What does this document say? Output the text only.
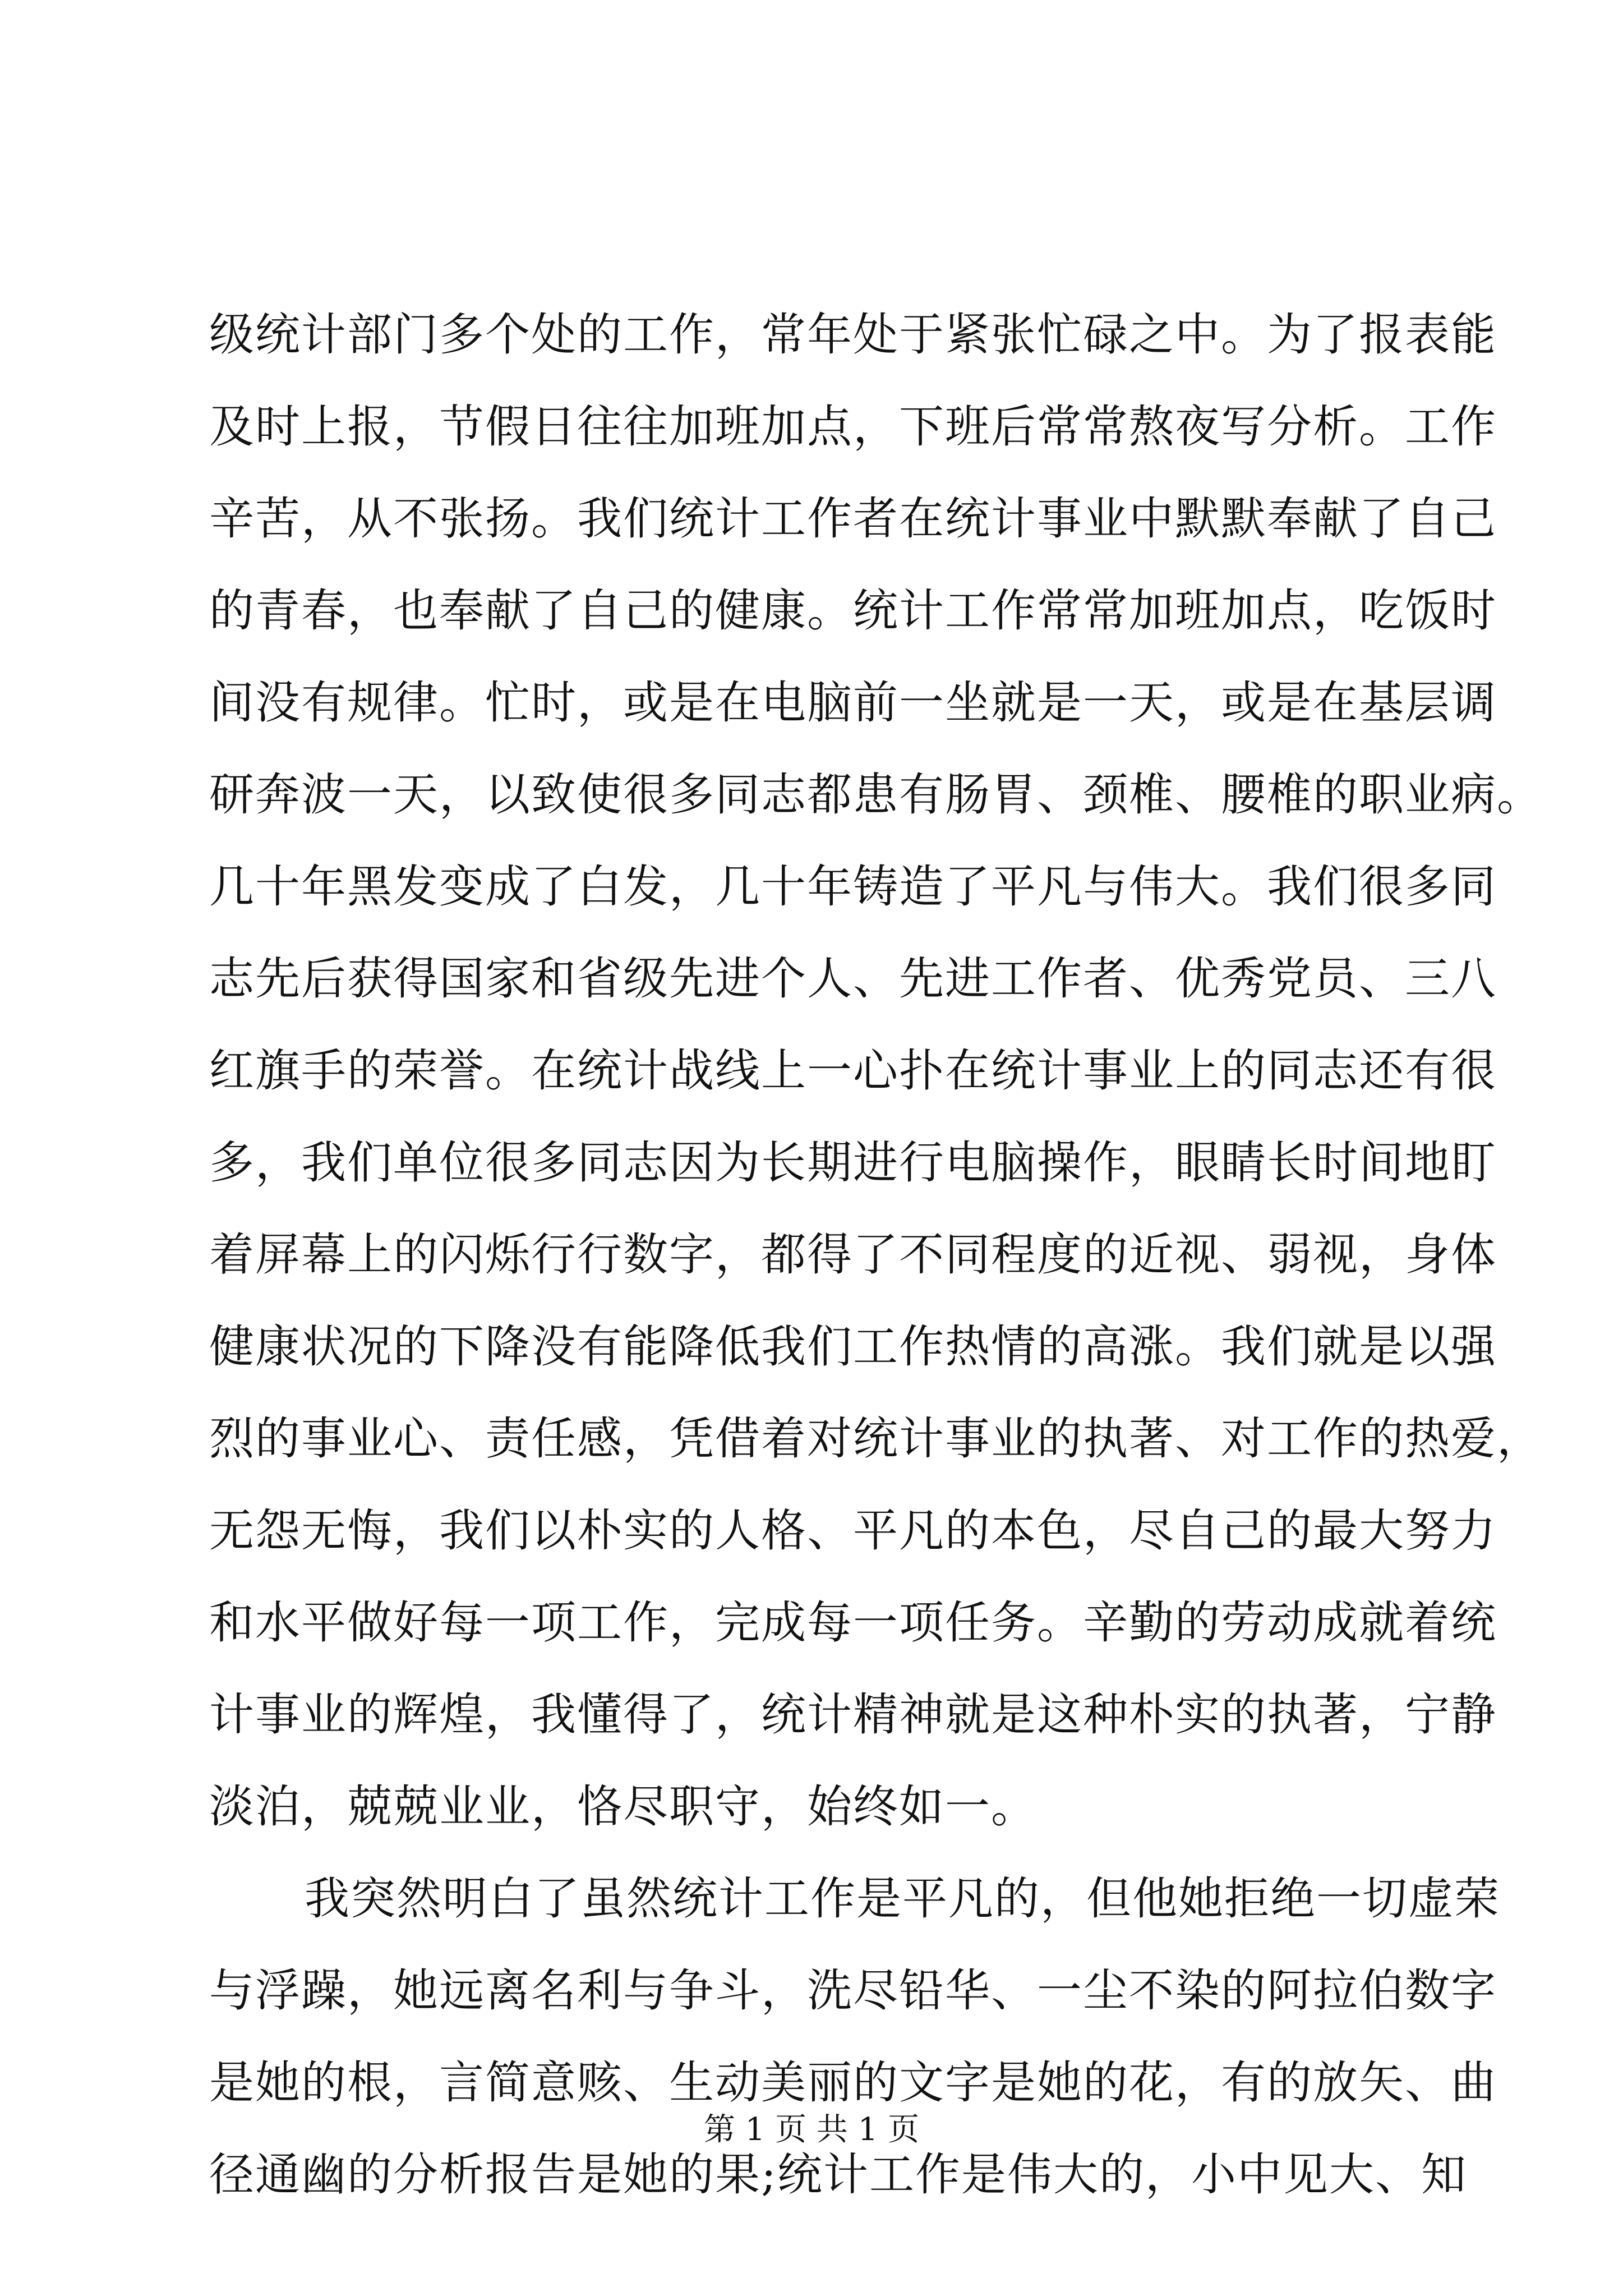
级统计部门多个处的工作，常年处于紧张忙碌之中。为了报表能
及时上报，节假日往往加班加点，下班后常常熬夜写分析。工作
辛苦，从不张扬。我们统计工作者在统计事业中默默奉献了自己
的青春，也奉献了自己的健康。统计工作常常加班加点，吃饭时
间没有规律。忙时，或是在电脑前一坐就是一天，或是在基层调
研奔波一天，以致使很多同志都患有肠胃、颈椎、腰椎的职业病。
几十年黑发变成了白发，几十年铸造了平凡与伟大。我们很多同
志先后获得国家和省级先进个人、先进工作者、优秀党员、三八
红旗手的荣誉。在统计战线上一心扑在统计事业上的同志还有很
多，我们单位很多同志因为长期进行电脑操作，眼睛长时间地盯
着屏幕上的闪烁行行数字，都得了不同程度的近视、弱视，身体
健康状况的下降没有能降低我们工作热情的高涨。我们就是以强
烈的事业心、责任感，凭借着对统计事业的执著、对工作的热爱，
无怨无悔，我们以朴实的人格、平凡的本色，尽自己的最大努力
和水平做好每一项工作，完成每一项任务。辛勤的劳动成就着统
计事业的辉煌，我懂得了，统计精神就是这种朴实的执著，宁静
淡泊，兢兢业业，恪尽职守，始终如一。
我突然明白了虽然统计工作是平凡的，但他她拒绝一切虚荣
与浮躁，她远离名利与争斗，洗尽铅华、一尘不染的阿拉伯数字
是她的根，言简意赅、生动美丽的文字是她的花，有的放矢、曲
径通幽的分析报告是她的果;统计工作是伟大的，小中见大、知
第 1 页 共 1 页
